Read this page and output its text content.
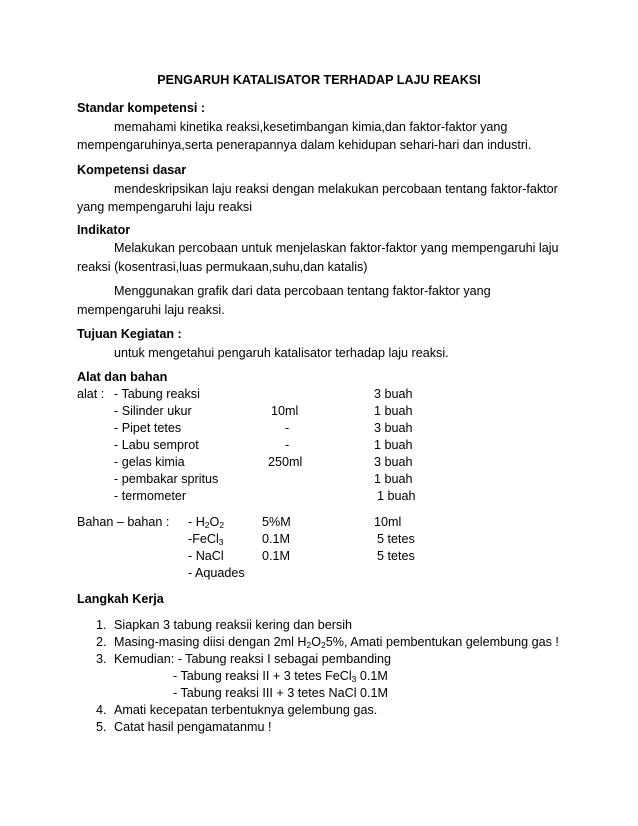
PENGARUH KATALISATOR TERHADAP LAJU REAKSI
Standar kompetensi :
memahami kinetika reaksi,kesetimbangan kimia,dan faktor-faktor yang
mempengaruhinya,serta penerapannya dalam kehidupan sehari-hari dan industri.
Kompetensi dasar
mendeskripsikan laju reaksi dengan melakukan percobaan tentang faktor-faktor
yang mempengaruhi laju reaksi
Indikator
Melakukan percobaan untuk menjelaskan faktor-faktor yang mempengaruhi laju
reaksi (kosentrasi,luas permukaan,suhu,dan katalis)
Menggunakan grafik dari data percobaan tentang faktor-faktor yang
mempengaruhi laju reaksi.
Tujuan Kegiatan :
untuk mengetahui pengaruh katalisator terhadap laju reaksi.
Alat dan bahan
alat : - Tabung reaksi	3 buah
- Silinder ukur	10ml	1 buah
- Pipet tetes	-	3 buah
- Labu semprot	-	1 buah
- gelas kimia	250ml	3 buah
- pembakar spritus	1 buah
- termometer	1 buah
Bahan – bahan : - $H_2O_2$	5%M	10ml
-FeCl$_3$	0.1M	5 tetes
- NaCl	0.1M	5 tetes
- Aquades
Langkah Kerja
1. Siapkan 3 tabung reaksii kering dan bersih
2. Masing-masing diisi dengan 2ml $H_2O_25\%$, Amati pembentukan gelembung gas !
3. Kemudian: - Tabung reaksi I sebagai pembanding
- Tabung reaksi II + 3 tetes FeCl$_3$ 0.1M
- Tabung reaksi III + 3 tetes NaCl 0.1M
4. Amati kecepatan terbentuknya gelembung gas.
5. Catat hasil pengamatanmu !
